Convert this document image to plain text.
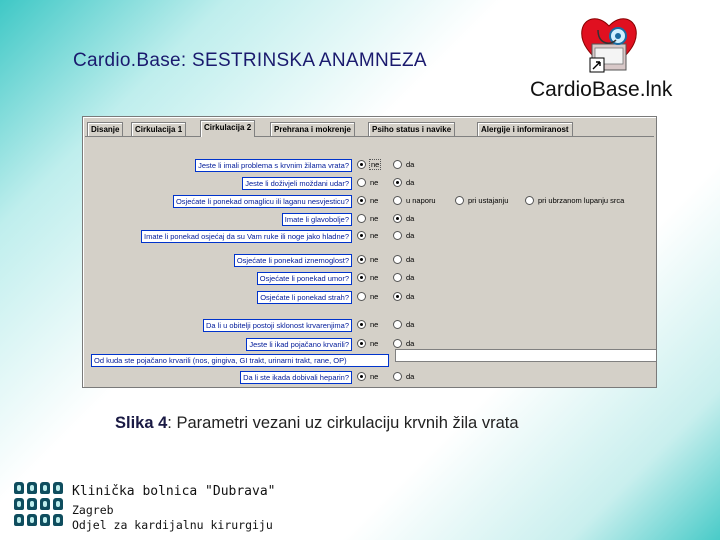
Cardio.Base: SESTRINSKA ANAMNEZA
CardioBase.lnk
Disanje	Cirkulacija 1	Cirkulacija 2	Prehrana i mokrenje	Psiho status i navike	Alergije i informiranost
Jeste li imali problema s krvnim žilama vrata?	ne	da
Jeste li doživjeli moždani udar?	ne	da
Osjećate li ponekad omaglicu ili laganu nesvjesticu?	ne	u naporu	pri ustajanju	pri ubrzanom lupanju srca
Imate li glavobolje?	ne	da
Imate li ponekad osjećaj da su Vam ruke ili noge jako hladne?	ne	da
Osjećate li ponekad iznemoglost?	ne	da
Osjećate li ponekad umor?	ne	da
Osjećate li ponekad strah?	ne	da
Da li u obitelji postoji sklonost krvarenjima?	ne	da
Jeste li ikad pojačano krvarili?	ne	da
Od kuda ste pojačano krvarili (nos, gingiva, GI trakt, urinarni trakt, rane, OP)
Da li ste ikada dobivali heparin?	ne	da
Slika 4: Parametri vezani uz cirkulaciju krvnih žila vrata
Klinička bolnica "Dubrava"
Zagreb
Odjel za kardijalnu kirurgiju
